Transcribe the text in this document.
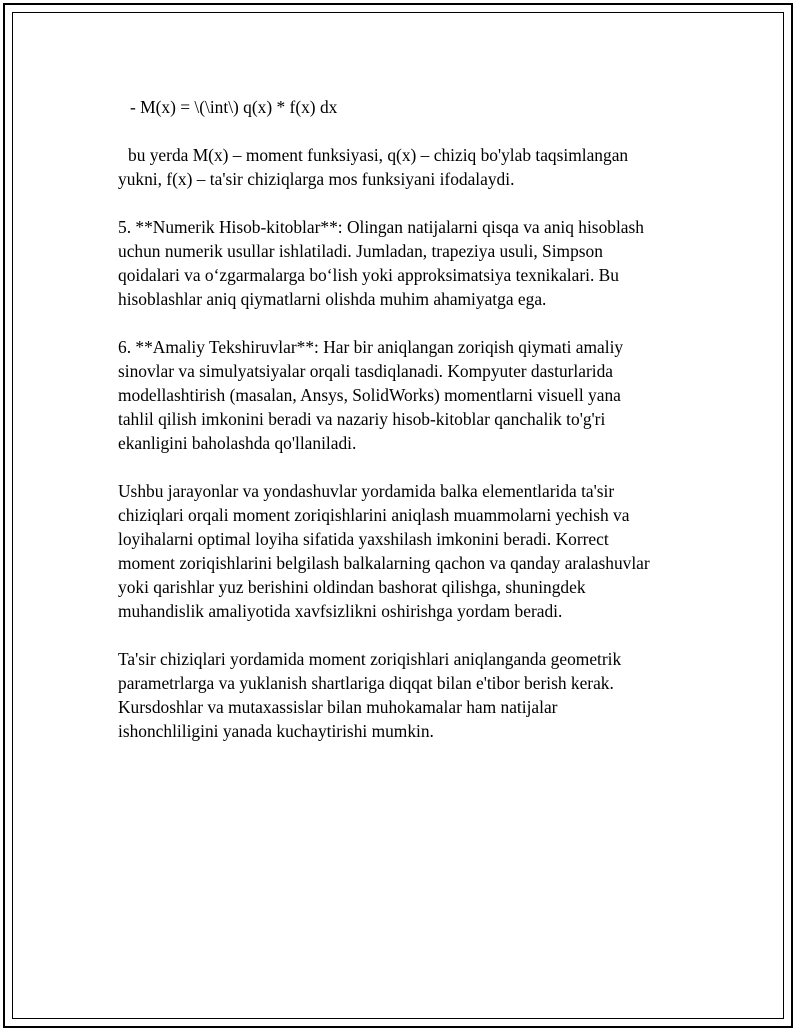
- M(x) = \(\int\) q(x) * f(x) dx
bu yerda M(x) – moment funksiyasi, q(x) – chiziq bo'ylab taqsimlangan
yukni, f(x) – ta'sir chiziqlarga mos funksiyani ifodalaydi.
5. **Numerik Hisob-kitoblar**: Olingan natijalarni qisqa va aniq hisoblash
uchun numerik usullar ishlatiladi. Jumladan, trapeziya usuli, Simpson
qoidalari va o‘zgarmalarga bo‘lish yoki approksimatsiya texnikalari. Bu
hisoblashlar aniq qiymatlarni olishda muhim ahamiyatga ega.
6. **Amaliy Tekshiruvlar**: Har bir aniqlangan zoriqish qiymati amaliy
sinovlar va simulyatsiyalar orqali tasdiqlanadi. Kompyuter dasturlarida
modellashtirish (masalan, Ansys, SolidWorks) momentlarni visuell yana
tahlil qilish imkonini beradi va nazariy hisob-kitoblar qanchalik to'g'ri
ekanligini baholashda qo'llaniladi.
Ushbu jarayonlar va yondashuvlar yordamida balka elementlarida ta'sir
chiziqlari orqali moment zoriqishlarini aniqlash muammolarni yechish va
loyihalarni optimal loyiha sifatida yaxshilash imkonini beradi. Korrect
moment zoriqishlarini belgilash balkalarning qachon va qanday aralashuvlar
yoki qarishlar yuz berishini oldindan bashorat qilishga, shuningdek
muhandislik amaliyotida xavfsizlikni oshirishga yordam beradi.
Ta'sir chiziqlari yordamida moment zoriqishlari aniqlanganda geometrik
parametrlarga va yuklanish shartlariga diqqat bilan e'tibor berish kerak.
Kursdoshlar va mutaxassislar bilan muhokamalar ham natijalar
ishonchliligini yanada kuchaytirishi mumkin.
